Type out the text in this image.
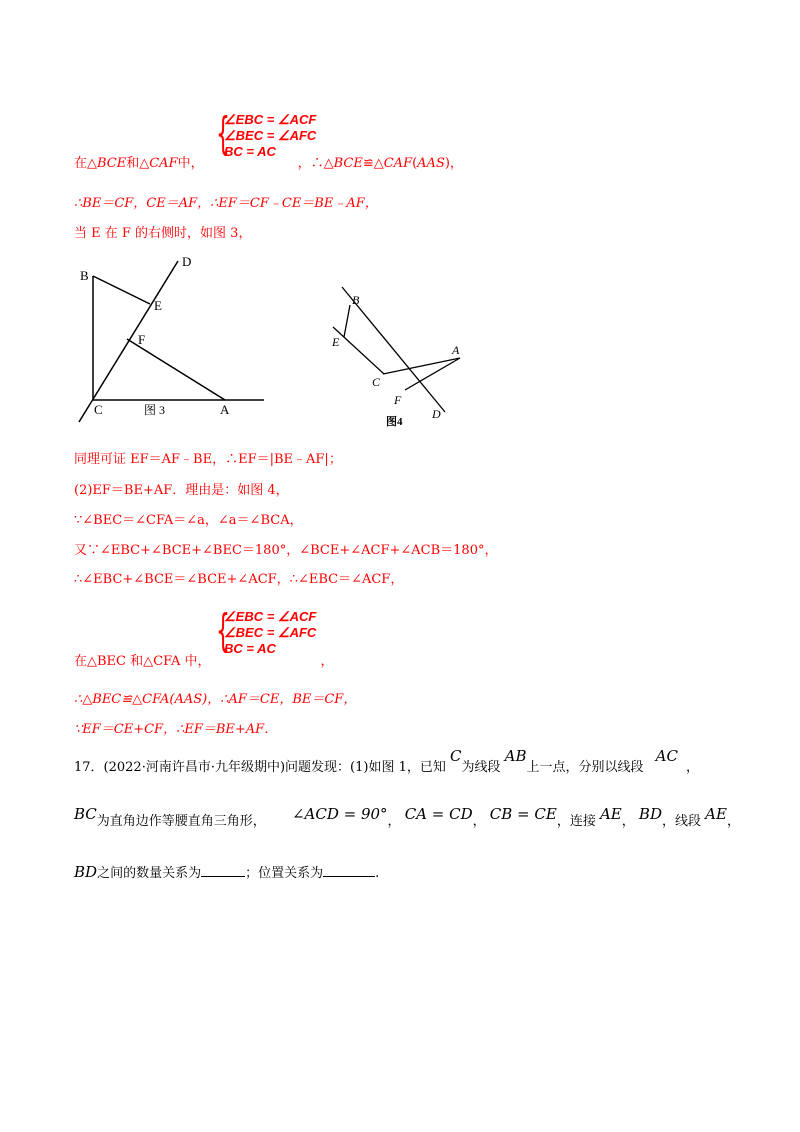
{
∠EBC = ∠ACF
∠BEC = ∠AFC
BC = AC
在△BCE和△CAF中，	，∴△BCE≌△CAF(AAS)，
∴BE＝CF，CE＝AF，∴EF＝CF﹣CE＝BE﹣AF，
当 E 在 F 的右侧时，如图 3，
B
D
E
F
C	A
图 3
B
E
A
C
F
D
图4
同理可证 EF＝AF﹣BE，∴EF＝|BE﹣AF|；
(2)EF＝BE+AF．理由是：如图 4，
∵∠BEC＝∠CFA＝∠a，∠a＝∠BCA，
又∵∠EBC+∠BCE+∠BEC＝180°，∠BCE+∠ACF+∠ACB＝180°，
∴∠EBC+∠BCE＝∠BCE+∠ACF，∴∠EBC＝∠ACF，
{
∠EBC = ∠ACF
∠BEC = ∠AFC
BC = AC
在△BEC 和△CFA 中，	，
∴△BEC≌△CFA(AAS)，∴AF＝CE，BE＝CF，
∵EF＝CE+CF，∴EF＝BE+AF．
17．(2022·河南许昌市·九年级期中)问题发现：(1)如图 1，已知 C为线段 AB上一点，分别以线段 AC，
BC为直角边作等腰直角三角形， ∠ACD = 90°， CA = CD， CB = CE，连接 AE， BD，线段 AE，
BD之间的数量关系为	；位置关系为	.
